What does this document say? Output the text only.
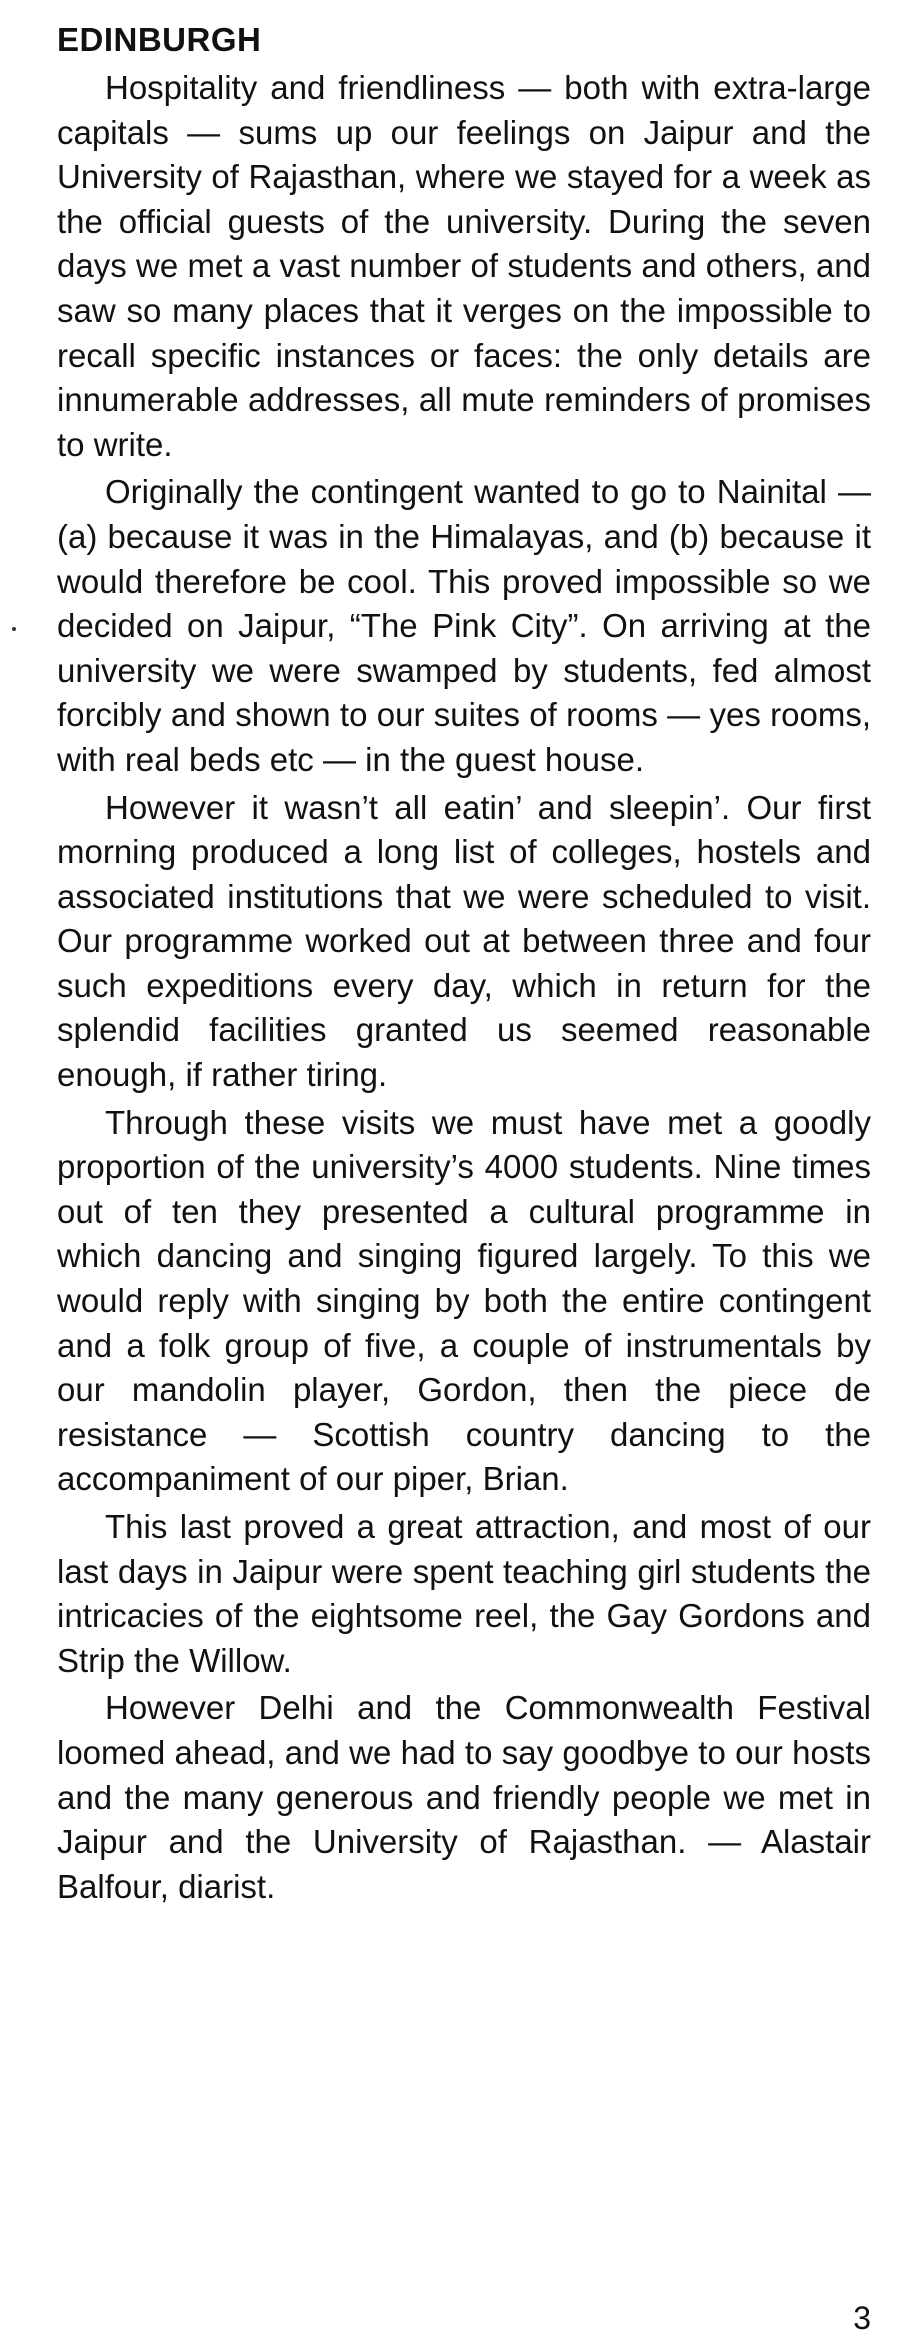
EDINBURGH

Hospitality and friendliness — both with extra-large capitals — sums up our feelings on Jaipur and the University of Rajasthan, where we stayed for a week as the official guests of the university. During the seven days we met a vast number of students and others, and saw so many places that it verges on the impossible to recall specific instances or faces: the only details are innumerable addresses, all mute reminders of promises to write.

Originally the contingent wanted to go to Nainital — (a) because it was in the Himalayas, and (b) because it would therefore be cool. This proved impossible so we decided on Jaipur, “The Pink City”. On arriving at the university we were swamped by students, fed almost forcibly and shown to our suites of rooms — yes rooms, with real beds etc — in the guest house.

However it wasn’t all eatin’ and sleepin’. Our first morning produced a long list of colleges, hostels and associated institutions that we were scheduled to visit. Our programme worked out at between three and four such expeditions every day, which in return for the splendid facilities granted us seemed reasonable enough, if rather tiring.

Through these visits we must have met a goodly proportion of the university’s 4000 students. Nine times out of ten they presented a cultural programme in which dancing and singing figured largely. To this we would reply with singing by both the entire contingent and a folk group of five, a couple of instrumentals by our mandolin player, Gordon, then the piece de resistance — Scottish country dancing to the accompaniment of our piper, Brian.

This last proved a great attraction, and most of our last days in Jaipur were spent teaching girl students the intricacies of the eightsome reel, the Gay Gordons and Strip the Willow.

However Delhi and the Commonwealth Festival loomed ahead, and we had to say goodbye to our hosts and the many generous and friendly people we met in Jaipur and the University of Rajasthan. — Alastair Balfour, diarist.

3
